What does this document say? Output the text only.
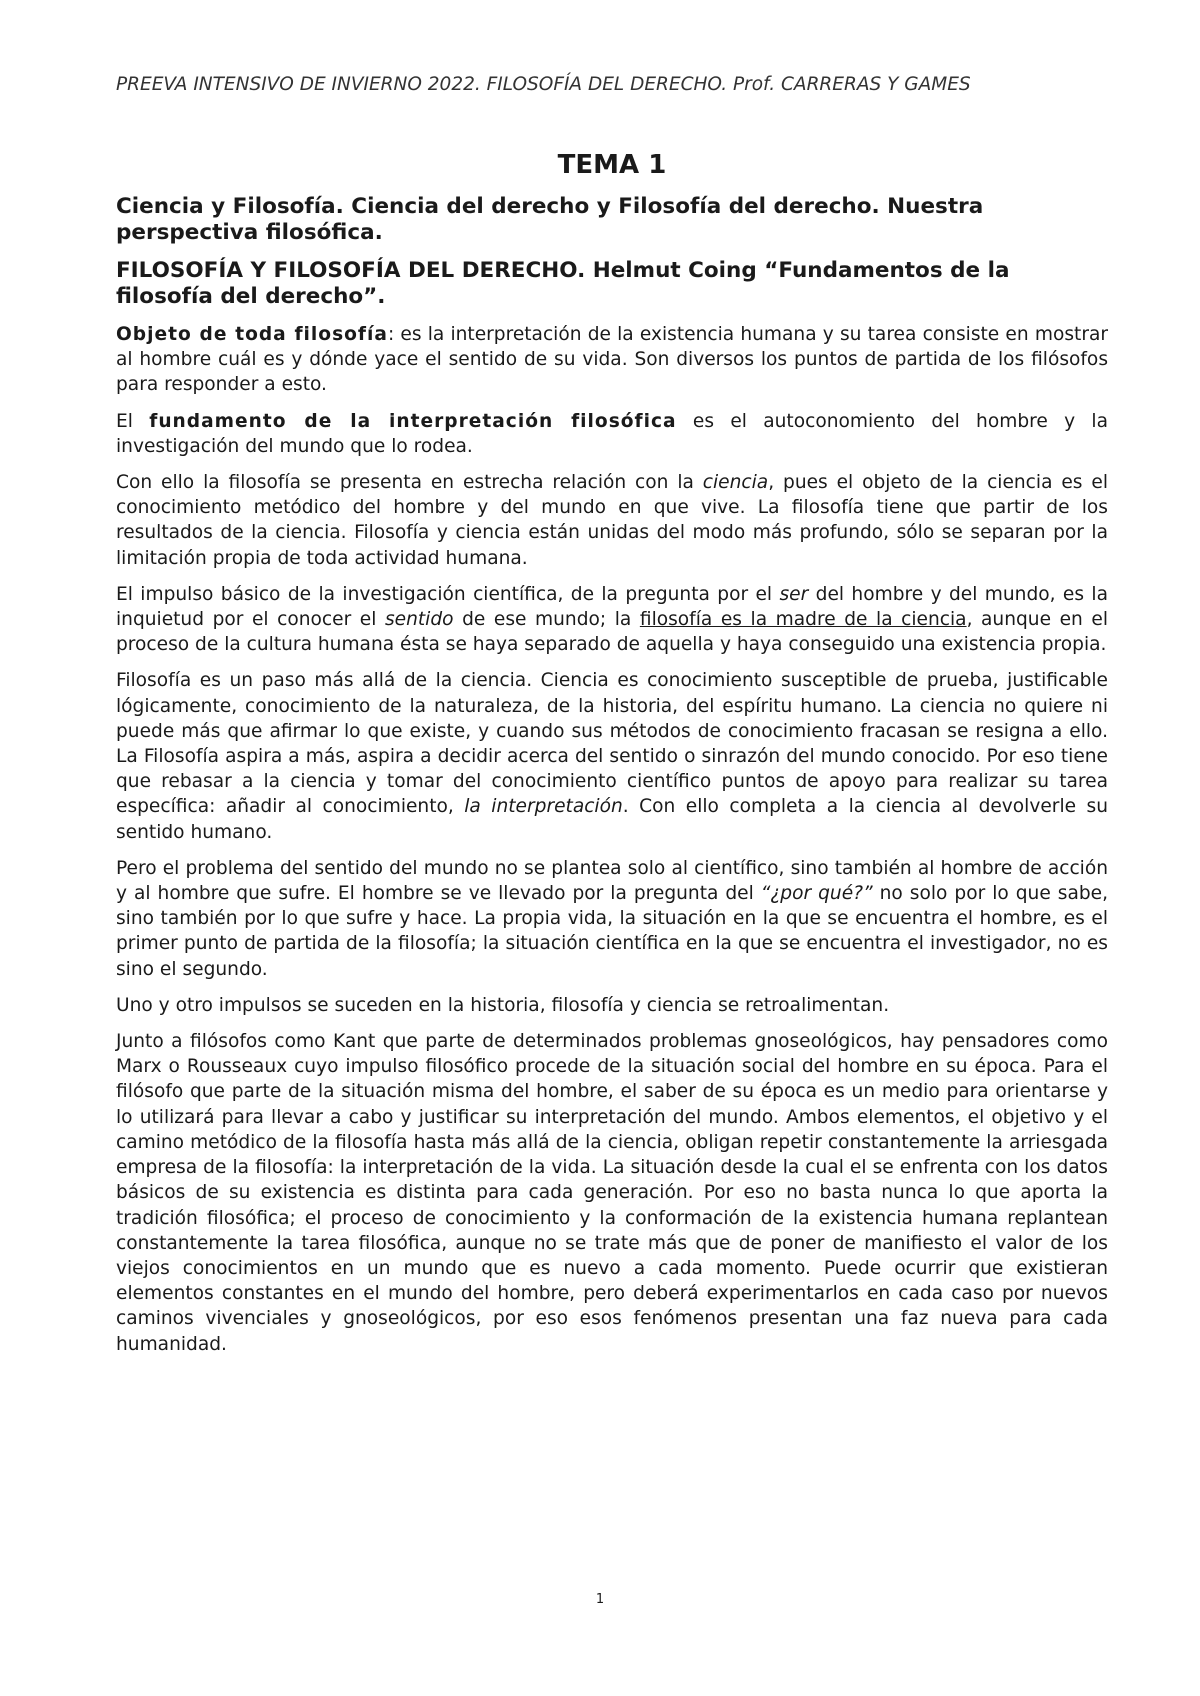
PREEVA INTENSIVO DE INVIERNO 2022. FILOSOFÍA DEL DERECHO. Prof. CARRERAS Y GAMES

TEMA 1
Ciencia y Filosofía. Ciencia del derecho y Filosofía del derecho. Nuestra perspectiva filosófica.
FILOSOFÍA Y FILOSOFÍA DEL DERECHO. Helmut Coing “Fundamentos de la filosofía del derecho”.

Objeto de toda filosofía: es la interpretación de la existencia humana y su tarea consiste en mostrar al hombre cuál es y dónde yace el sentido de su vida. Son diversos los puntos de partida de los filósofos para responder a esto.

El fundamento de la interpretación filosófica es el autoconomiento del hombre y la investigación del mundo que lo rodea.

Con ello la filosofía se presenta en estrecha relación con la ciencia, pues el objeto de la ciencia es el conocimiento metódico del hombre y del mundo en que vive. La filosofía tiene que partir de los resultados de la ciencia. Filosofía y ciencia están unidas del modo más profundo, sólo se separan por la limitación propia de toda actividad humana.

El impulso básico de la investigación científica, de la pregunta por el ser del hombre y del mundo, es la inquietud por el conocer el sentido de ese mundo; la filosofía es la madre de la ciencia, aunque en el proceso de la cultura humana ésta se haya separado de aquella y haya conseguido una existencia propia.

Filosofía es un paso más allá de la ciencia. Ciencia es conocimiento susceptible de prueba, justificable lógicamente, conocimiento de la naturaleza, de la historia, del espíritu humano. La ciencia no quiere ni puede más que afirmar lo que existe, y cuando sus métodos de conocimiento fracasan se resigna a ello. La Filosofía aspira a más, aspira a decidir acerca del sentido o sinrazón del mundo conocido. Por eso tiene que rebasar a la ciencia y tomar del conocimiento científico puntos de apoyo para realizar su tarea específica: añadir al conocimiento, la interpretación. Con ello completa a la ciencia al devolverle su sentido humano.

Pero el problema del sentido del mundo no se plantea solo al científico, sino también al hombre de acción y al hombre que sufre. El hombre se ve llevado por la pregunta del “¿por qué?” no solo por lo que sabe, sino también por lo que sufre y hace. La propia vida, la situación en la que se encuentra el hombre, es el primer punto de partida de la filosofía; la situación científica en la que se encuentra el investigador, no es sino el segundo.

Uno y otro impulsos se suceden en la historia, filosofía y ciencia se retroalimentan.

Junto a filósofos como Kant que parte de determinados problemas gnoseológicos, hay pensadores como Marx o Rousseaux cuyo impulso filosófico procede de la situación social del hombre en su época. Para el filósofo que parte de la situación misma del hombre, el saber de su época es un medio para orientarse y lo utilizará para llevar a cabo y justificar su interpretación del mundo. Ambos elementos, el objetivo y el camino metódico de la filosofía hasta más allá de la ciencia, obligan repetir constantemente la arriesgada empresa de la filosofía: la interpretación de la vida. La situación desde la cual el se enfrenta con los datos básicos de su existencia es distinta para cada generación. Por eso no basta nunca lo que aporta la tradición filosófica; el proceso de conocimiento y la conformación de la existencia humana replantean constantemente la tarea filosófica, aunque no se trate más que de poner de manifiesto el valor de los viejos conocimientos en un mundo que es nuevo a cada momento. Puede ocurrir que existieran elementos constantes en el mundo del hombre, pero deberá experimentarlos en cada caso por nuevos caminos vivenciales y gnoseológicos, por eso esos fenómenos presentan una faz nueva para cada humanidad.

1
